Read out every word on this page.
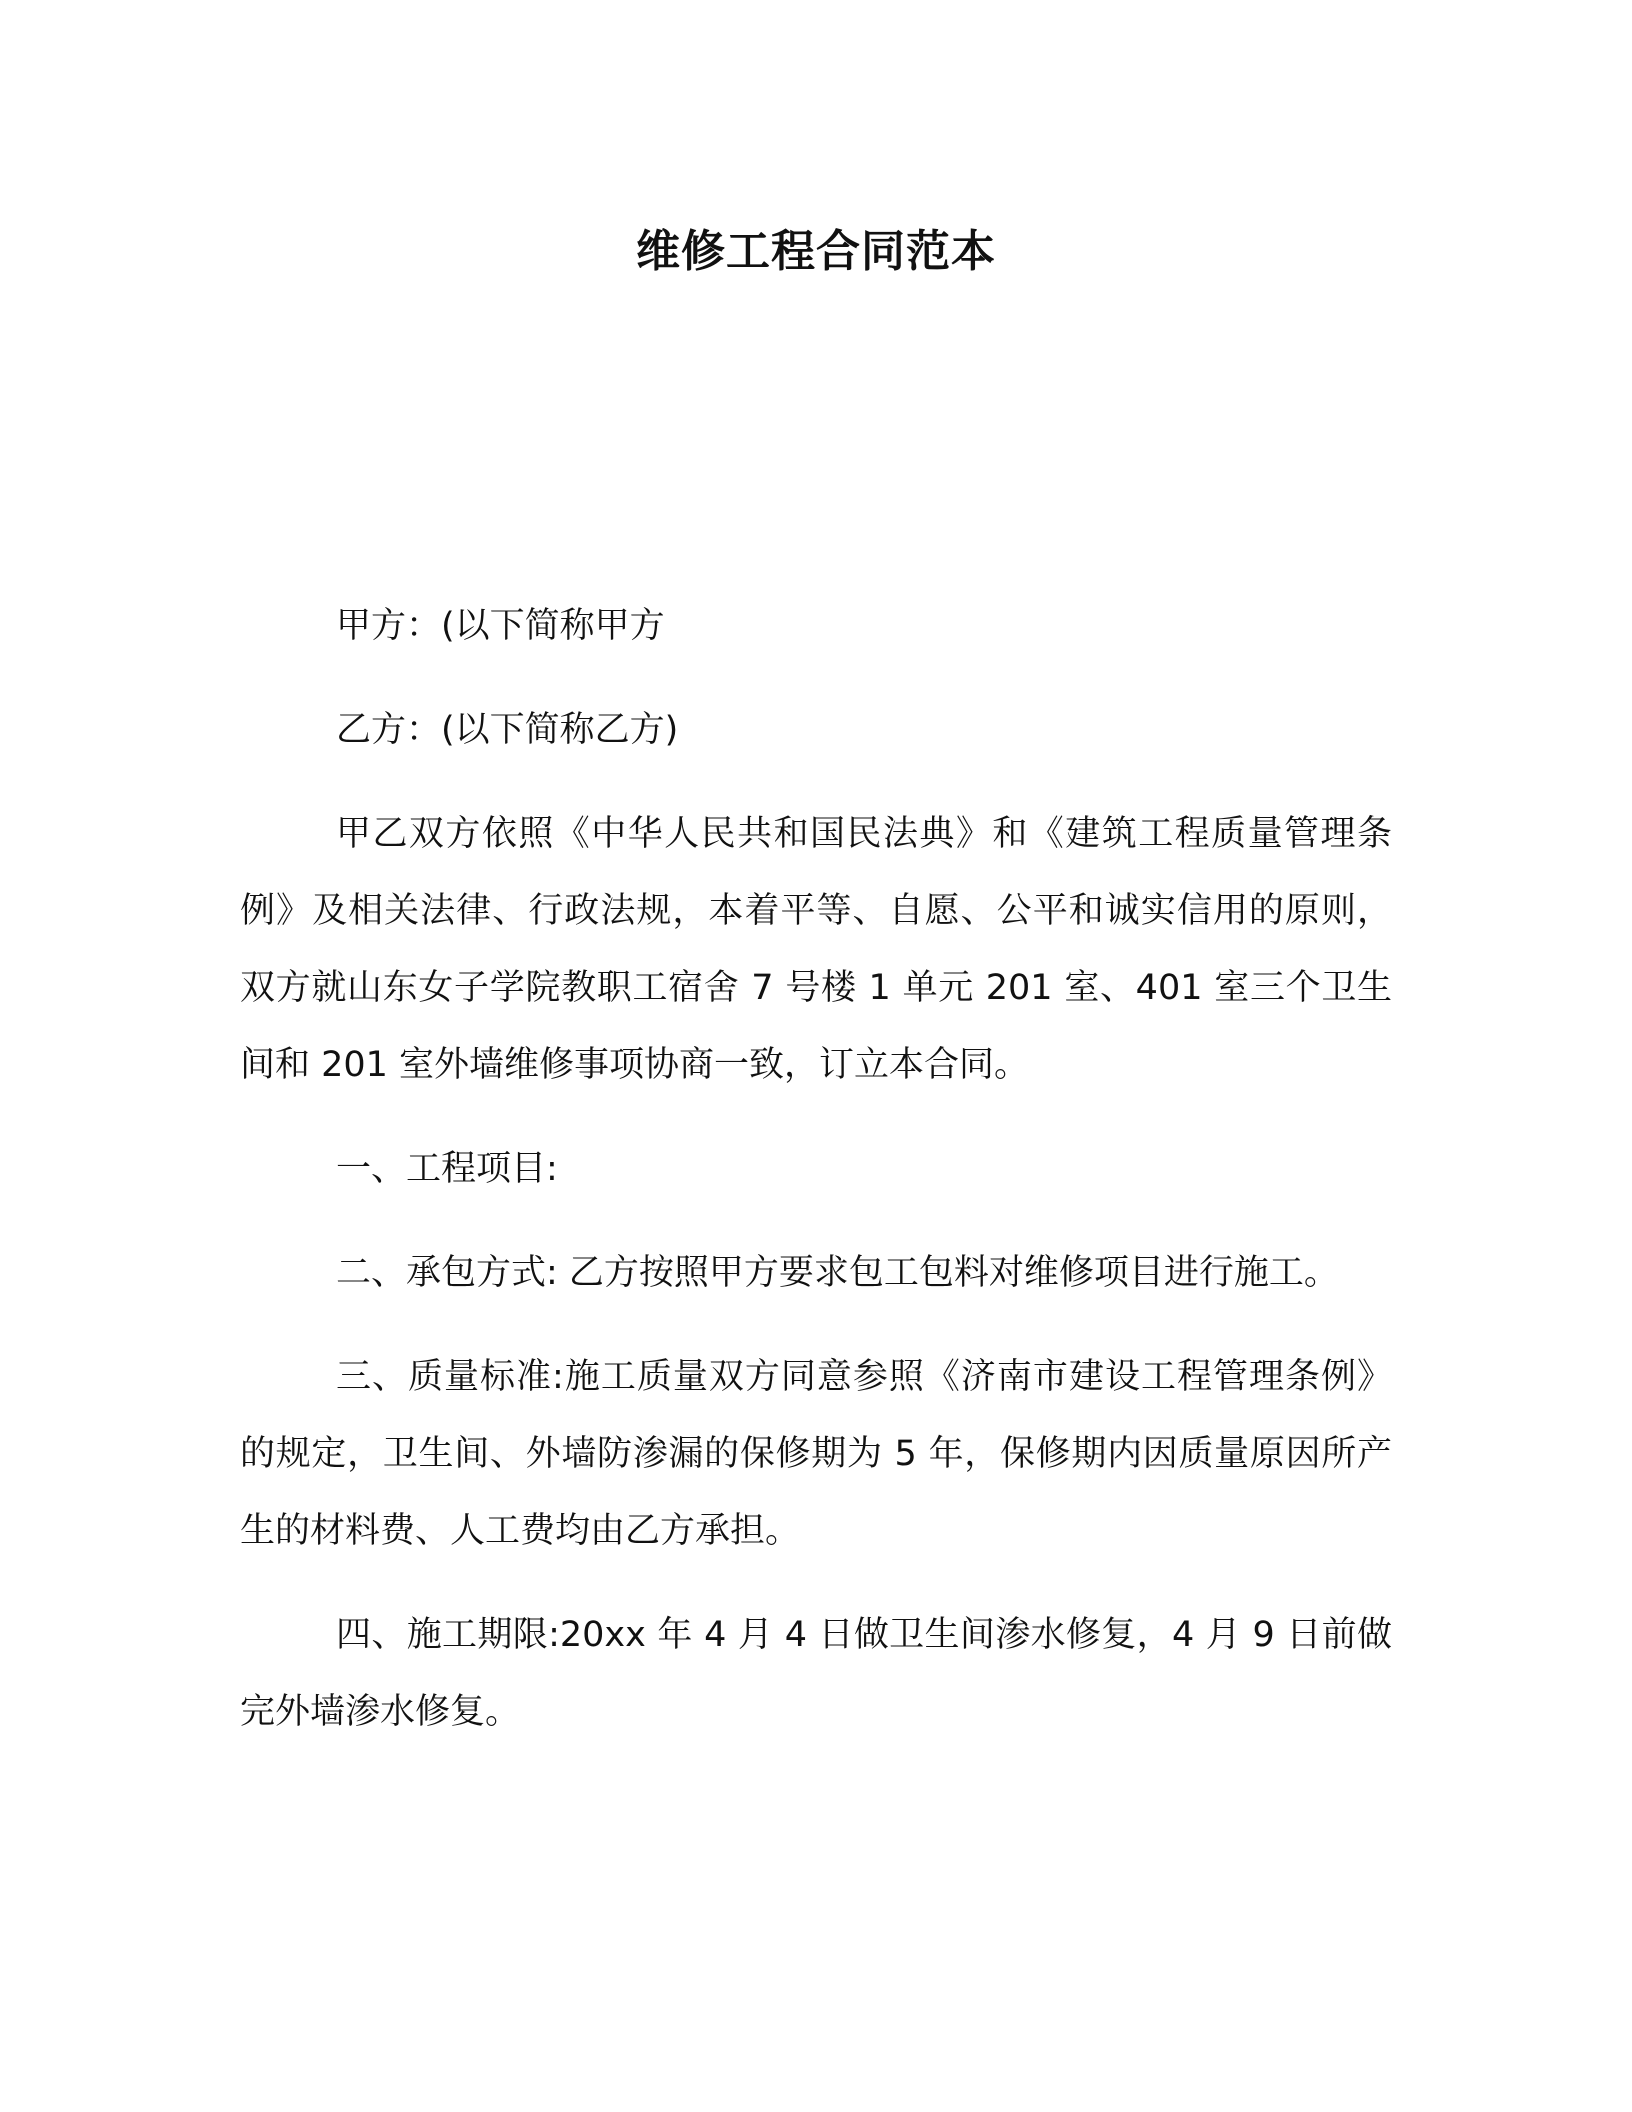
维修工程合同范本

甲方：(以下简称甲方

乙方：(以下简称乙方)

甲乙双方依照《中华人民共和国民法典》和《建筑工程质量管理条例》及相关法律、行政法规，本着平等、自愿、公平和诚实信用的原则，双方就山东女子学院教职工宿舍 7 号楼 1 单元 201 室、401 室三个卫生间和 201 室外墙维修事项协商一致，订立本合同。

一、工程项目:

二、承包方式: 乙方按照甲方要求包工包料对维修项目进行施工。

三、质量标准:施工质量双方同意参照《济南市建设工程管理条例》 的规定，卫生间、外墙防渗漏的保修期为 5 年，保修期内因质量原因所产生的材料费、人工费均由乙方承担。

四、施工期限:20xx 年 4 月 4 日做卫生间渗水修复，4 月 9 日前做完外墙渗水修复。
